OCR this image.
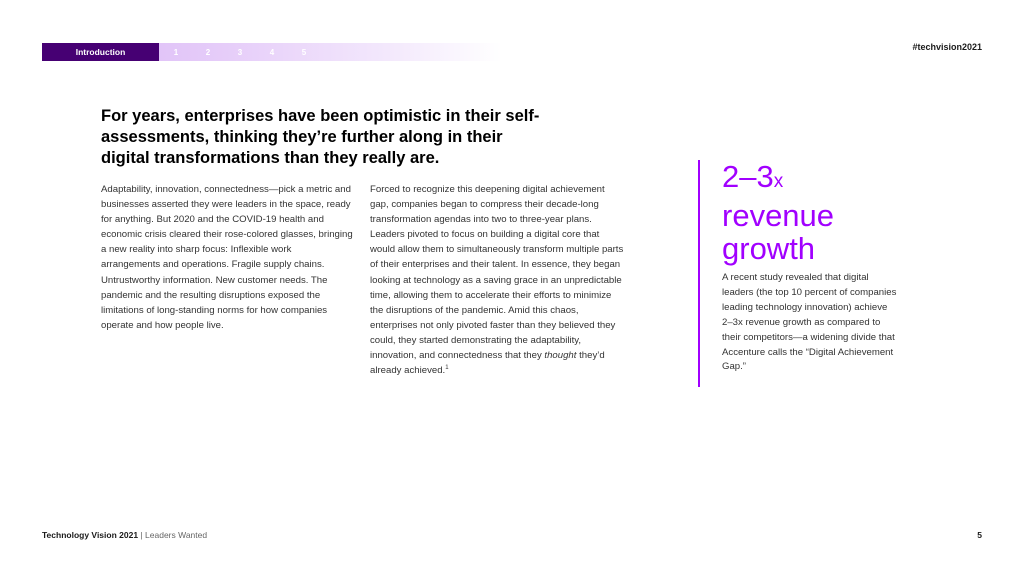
Introduction	1	2	3	4	5	#techvision2021
For years, enterprises have been optimistic in their self-assessments, thinking they’re further along in their digital transformations than they really are.

Adaptability, innovation, connectedness—pick a metric and businesses asserted they were leaders in the space, ready for anything. But 2020 and the COVID-19 health and economic crisis cleared their rose-colored glasses, bringing a new reality into sharp focus: Inflexible work arrangements and operations. Fragile supply chains. Untrustworthy information. New customer needs. The pandemic and the resulting disruptions exposed the limitations of long-standing norms for how companies operate and how people live.

Forced to recognize this deepening digital achievement gap, companies began to compress their decade-long transformation agendas into two to three-year plans. Leaders pivoted to focus on building a digital core that would allow them to simultaneously transform multiple parts of their enterprises and their talent. In essence, they began looking at technology as a saving grace in an unpredictable time, allowing them to accelerate their efforts to minimize the disruptions of the pandemic. Amid this chaos, enterprises not only pivoted faster than they believed they could, they started demonstrating the adaptability, innovation, and connectedness that they thought they’d already achieved.$^1$

2–3x
revenue
growth

A recent study revealed that digital leaders (the top 10 percent of companies leading technology innovation) achieve 2–3x revenue growth as compared to their competitors—a widening divide that Accenture calls the “Digital Achievement Gap.”

Technology Vision 2021 | Leaders Wanted	5
